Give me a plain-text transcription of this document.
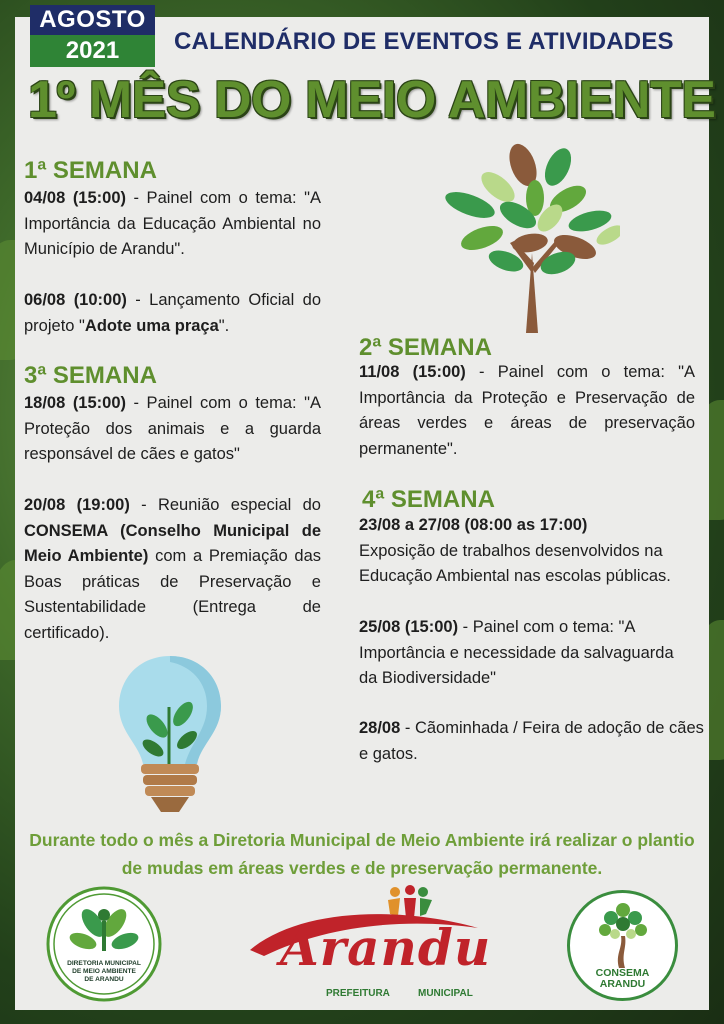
AGOSTO
2021	CALENDÁRIO DE EVENTOS E ATIVIDADES
1º MÊS DO MEIO AMBIENTE
1ª SEMANA
04/08 (15:00) - Painel com o tema: "A Importância da Educação Ambiental no Município de Arandu".
06/08 (10:00) - Lançamento Oficial do projeto "Adote uma praça".
3ª SEMANA
18/08 (15:00) - Painel com o tema: "A Proteção dos animais e a guarda responsável de cães e gatos"
20/08 (19:00) - Reunião especial do CONSEMA (Conselho Municipal de Meio Ambiente) com a Premiação das Boas práticas de Preservação e Sustentabilidade (Entrega de certificado).
2ª SEMANA
11/08 (15:00) - Painel com o tema: "A Importância da Proteção e Preservação de áreas verdes e áreas de preservação permanente".
4ª SEMANA
23/08 a 27/08 (08:00 as 17:00)
Exposição de trabalhos desenvolvidos na Educação Ambiental nas escolas públicas.
25/08 (15:00) - Painel com o tema: "A Importância e necessidade da salvaguarda da Biodiversidade"
28/08 - Cãominhada / Feira de adoção de cães e gatos.
Durante todo o mês a Diretoria Municipal de Meio Ambiente irá realizar o plantio de mudas em áreas verdes e de preservação permanente.
DIRETORIA MUNICIPAL
DE MEIO AMBIENTE
DE ARANDU
Arandu
PREFEITURA	MUNICIPAL
CONSEMA
ARANDU
